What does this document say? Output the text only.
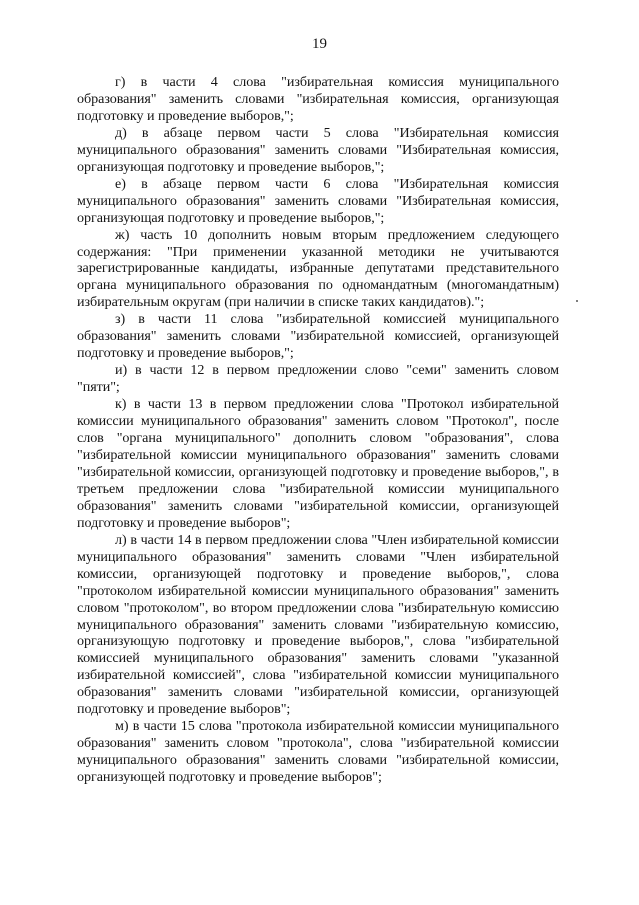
19

г) в части 4 слова "избирательная комиссия муниципального образования" заменить словами "избирательная комиссия, организующая подготовку и проведение выборов,";

д) в абзаце первом части 5 слова "Избирательная комиссия муниципального образования" заменить словами "Избирательная комиссия, организующая подготовку и проведение выборов,";

е) в абзаце первом части 6 слова "Избирательная комиссия муниципального образования" заменить словами "Избирательная комиссия, организующая подготовку и проведение выборов,";

ж) часть 10 дополнить новым вторым предложением следующего содержания: "При применении указанной методики не учитываются зарегистрированные кандидаты, избранные депутатами представительного органа муниципального образования по одномандатным (многомандатным) избирательным округам (при наличии в списке таких кандидатов).";

з) в части 11 слова "избирательной комиссией муниципального образования" заменить словами "избирательной комиссией, организующей подготовку и проведение выборов,";

и) в части 12 в первом предложении слово "семи" заменить словом "пяти";

к) в части 13 в первом предложении слова "Протокол избирательной комиссии муниципального образования" заменить словом "Протокол", после слов "органа муниципального" дополнить словом "образования", слова "избирательной комиссии муниципального образования" заменить словами "избирательной комиссии, организующей подготовку и проведение выборов,", в третьем предложении слова "избирательной комиссии муниципального образования" заменить словами "избирательной комиссии, организующей подготовку и проведение выборов";

л) в части 14 в первом предложении слова "Член избирательной комиссии муниципального образования" заменить словами "Член избирательной комиссии, организующей подготовку и проведение выборов,", слова "протоколом избирательной комиссии муниципального образования" заменить словом "протоколом", во втором предложении слова "избирательную комиссию муниципального образования" заменить словами "избирательную комиссию, организующую подготовку и проведение выборов,", слова "избирательной комиссией муниципального образования" заменить словами "указанной избирательной комиссией", слова "избирательной комиссии муниципального образования" заменить словами "избирательной комиссии, организующей подготовку и проведение выборов";

м) в части 15 слова "протокола избирательной комиссии муниципального образования" заменить словом "протокола", слова "избирательной комиссии муниципального образования" заменить словами "избирательной комиссии, организующей подготовку и проведение выборов";
